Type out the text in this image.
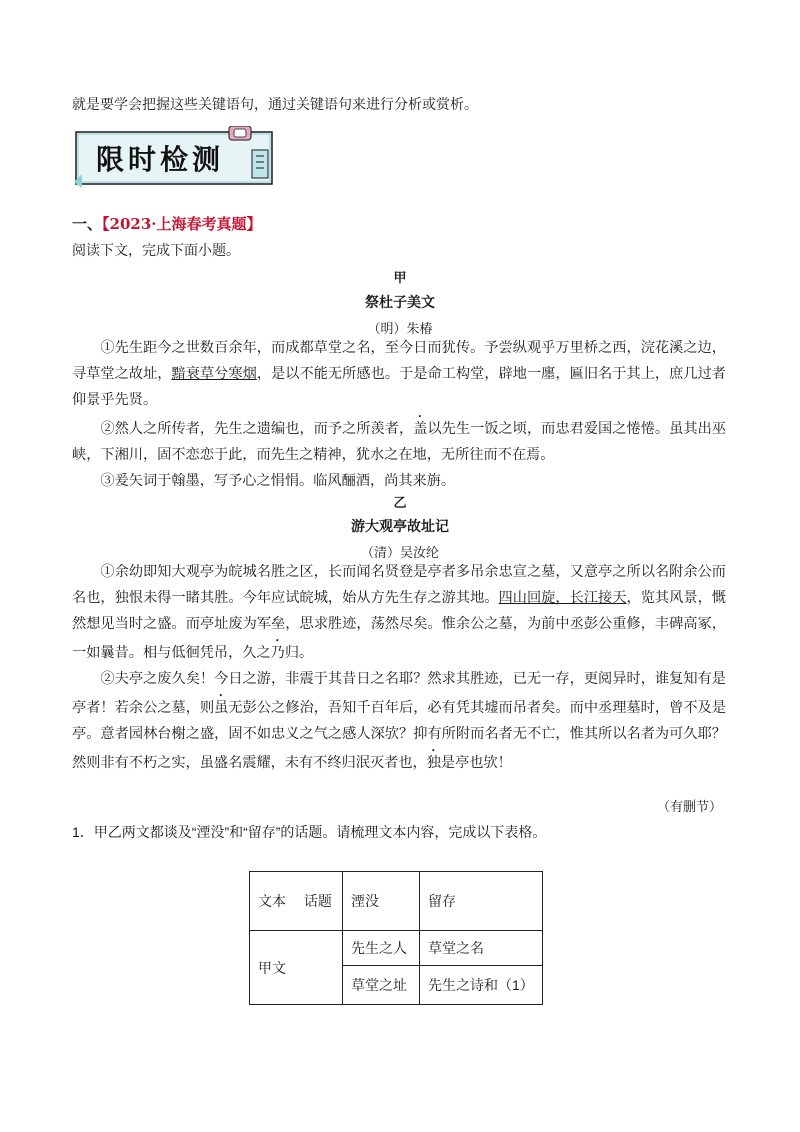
就是要学会把握这些关键语句，通过关键语句来进行分析或赏析。
限时检测
一、【2023·上海春考真题】
阅读下文，完成下面小题。
甲
祭杜子美文
（明）朱椿

①先生距今之世数百余年，而成都草堂之名，至今日而犹传。予尝纵观乎万里桥之西，浣花溪之边，寻草堂之故址，黯衰草兮寒烟，是以不能无所感也。于是命工构堂，辟地一廛，匾旧名于其上，庶几过者仰景乎先贤。

②然人之所传者，先生之遗编也，而予之所羡者，盖以先生一饭之顷，而忠君爱国之惓惓。虽其出巫峡，下湘川，固不恋恋于此，而先生之精神，犹水之在地，无所往而不在焉。

③爰矢词于翰墨，写予心之悁悁。临风酾酒，尚其来旃。

乙
游大观亭故址记
（清）吴汝纶

①余幼即知大观亭为皖城名胜之区，长而闻名贤登是亭者多吊余忠宣之墓，又意亭之所以名附余公而名也，独恨未得一睹其胜。今年应试皖城，始从方先生存之游其地。四山回旋，长江接天，览其风景，慨然想见当时之盛。而亭址废为军垒，思求胜迹，荡然尽矣。惟余公之墓，为前中丞彭公重修，丰碑高冢，一如曩昔。相与低徊凭吊，久之乃归。

②夫亭之废久矣！今日之游，非震于其昔日之名耶？然求其胜迹，已无一存，更阅异时，谁复知有是亭者！若余公之墓，则虽无彭公之修治，吾知千百年后，必有凭其墟而吊者矣。而中丞理墓时，曾不及是亭。意者园林台榭之盛，固不如忠义之气之感人深欤？抑有所附而名者无不亡，惟其所以名者为可久耶？然则非有不朽之实，虽盛名震耀，未有不终归泯灭者也，独是亭也欤！

（有删节）
1．甲乙两文都谈及“湮没”和“留存”的话题。请梳理文本内容，完成以下表格。
文本　 话题	湮没	留存
甲文	先生之人	草堂之名
	草堂之址	先生之诗和（1）
